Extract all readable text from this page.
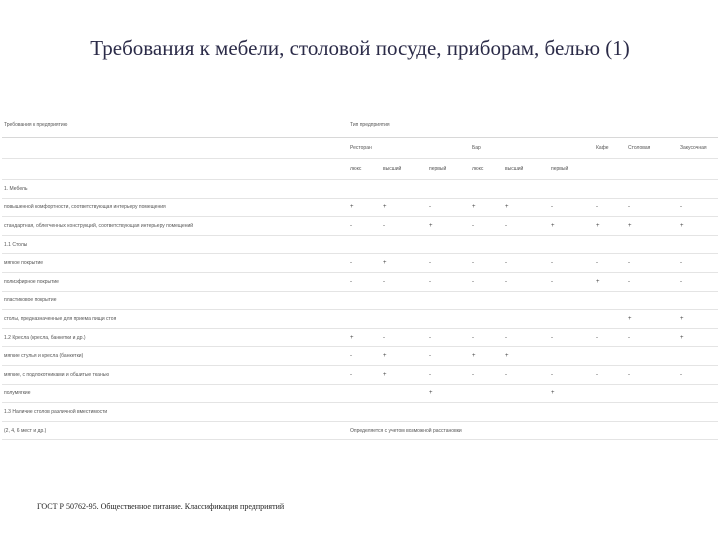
Требования к мебели, столовой посуде, приборам, белью (1)
Требования к предприятию	Тип предприятия								
	Ресторан			Бар			Кафе	Столовая	Закусочная
	люкс	высший	первый	люкс	высший	первый			
1. Мебель									
повышенной комфортности, соответствующая интерьеру помещения	+	+	-	+	+	-	-	-	-
стандартная, облегченных конструкций, соответствующая интерьеру помещений	-	-	+	-	-	+	+	+	+
1.1 Столы									
мягкое покрытие	-	+	-	-	-	-	-	-	-
полиэфирное покрытие	-	-	-	-	-	-	+	-	-
пластиковое покрытие									
столы, предназначенные для приема пищи стоя								+	+
1.2 Кресла (кресла, банкетки и др.)	+	-	-	-	-	-	-	-	+
мягкие стулья и кресла (банкетки)	-	+	-	+	+				
мягкие, с подлокотниками и обшитые тканью	-	+	-	-	-	-	-	-	-
полумягкие			+			+			
1.3 Наличие столов различной вместимости									
(2, 4, 6 мест и др.)	Определяется с учетом возможной расстановки								
ГОСТ Р 50762-95. Общественное питание. Классификация предприятий
